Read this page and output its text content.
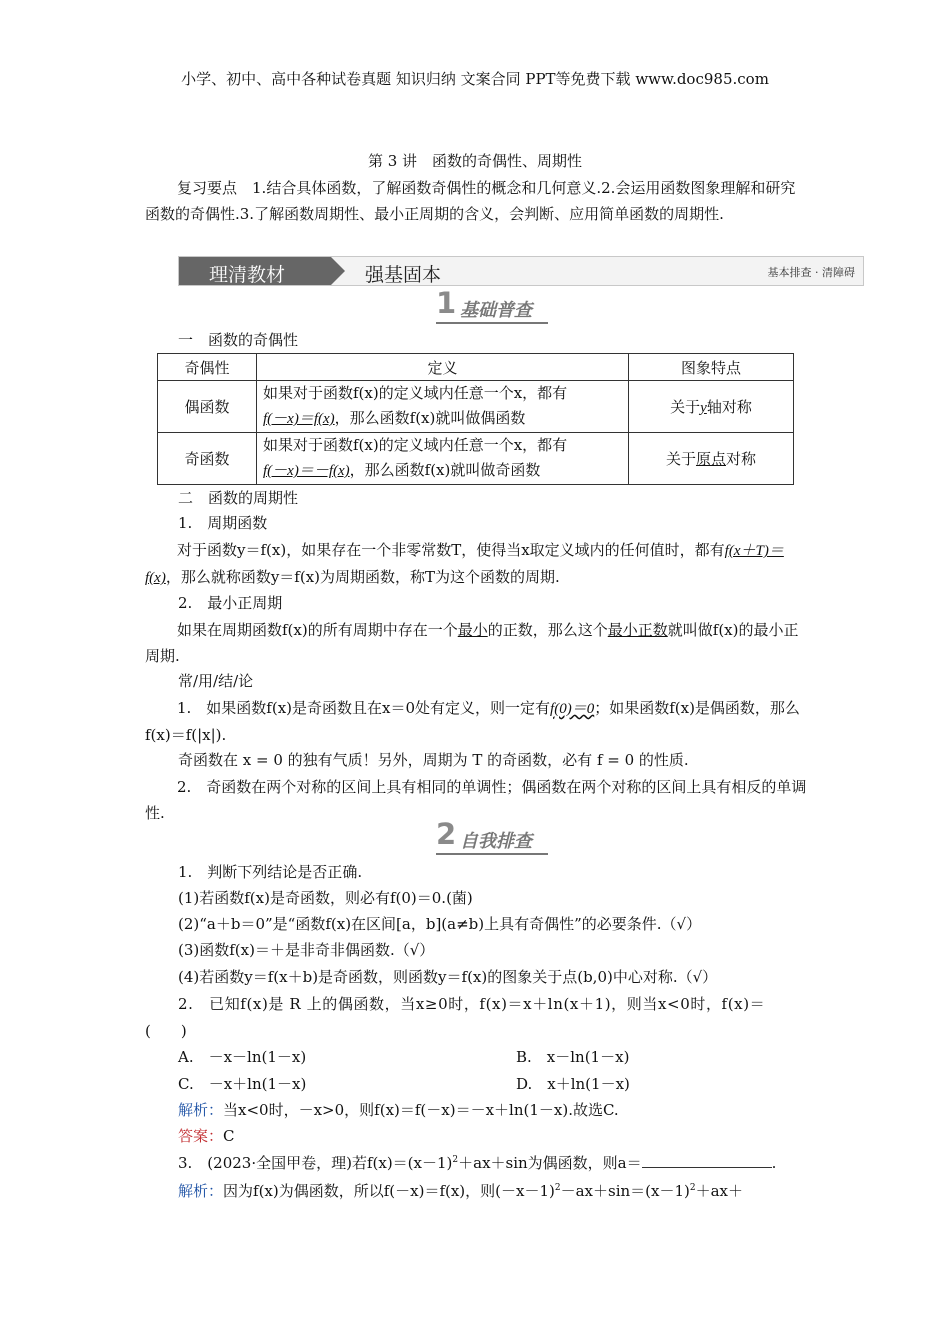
小学、初中、高中各种试卷真题 知识归纳 文案合同 PPT等免费下载 www.doc985.com
第 3 讲　函数的奇偶性、周期性
复习要点　1.结合具体函数，了解函数奇偶性的概念和几何意义.2.会运用函数图象理解和研究函数的奇偶性.3.了解函数周期性、最小正周期的含义，会判断、应用简单函数的周期性.
理清教材	强基固本	基本排查 · 清障碍
1 基础普查
一　函数的奇偶性
奇偶性	定义	图象特点
偶函数	如果对于函数f(x)的定义域内任意一个x，都有
f(－x)＝f(x)，那么函数f(x)就叫做偶函数	关于y轴对称
奇函数	如果对于函数f(x)的定义域内任意一个x，都有
f(－x)＝－f(x)，那么函数f(x)就叫做奇函数	关于原点对称
二　函数的周期性
1.　周期函数
对于函数y＝f(x)，如果存在一个非零常数T，使得当x取定义域内的任何值时，都有f(x＋T)＝f(x)，那么就称函数y＝f(x)为周期函数，称T为这个函数的周期.
2.　最小正周期
如果在周期函数f(x)的所有周期中存在一个最小的正数，那么这个最小正数就叫做f(x)的最小正周期.
常/用/结/论
1.　如果函数f(x)是奇函数且在x＝0处有定义，则一定有f(0)＝0；如果函数f(x)是偶函数，那么f(x)＝f(|x|).
奇函数在 x = 0 的独有气质！另外，周期为 T 的奇函数，必有 f = 0 的性质.
2.　奇函数在两个对称的区间上具有相同的单调性；偶函数在两个对称的区间上具有相反的单调性.
2 自我排查
1.　判断下列结论是否正确.
(1)若函数f(x)是奇函数，则必有f(0)＝0.(菌)
(2)“a＋b＝0”是“函数f(x)在区间[a，b](a≠b)上具有奇偶性”的必要条件.（√）
(3)函数f(x)＝＋是非奇非偶函数.（√）
(4)若函数y＝f(x＋b)是奇函数，则函数y＝f(x)的图象关于点(b,0)中心对称.（√）
2.　已知f(x)是 R 上的偶函数，当x≥0时，f(x)＝x＋ln(x＋1)，则当x<0时，f(x)＝
(　　)
A.　－x－ln(1－x)	B.　x－ln(1－x)
C.　－x＋ln(1－x)	D.　x＋ln(1－x)
解析：当x<0时，－x>0，则f(x)＝f(－x)＝－x＋ln(1－x).故选C.
答案：C
3.　(2023·全国甲卷，理)若$f(x)=(x-1)^2+ax+\sin$为偶函数，则a＝	.
解析：因为f(x)为偶函数，所以f(－x)＝f(x)，则$(-x-1)^2-ax+\sin=(x-1)^2+ax+$
